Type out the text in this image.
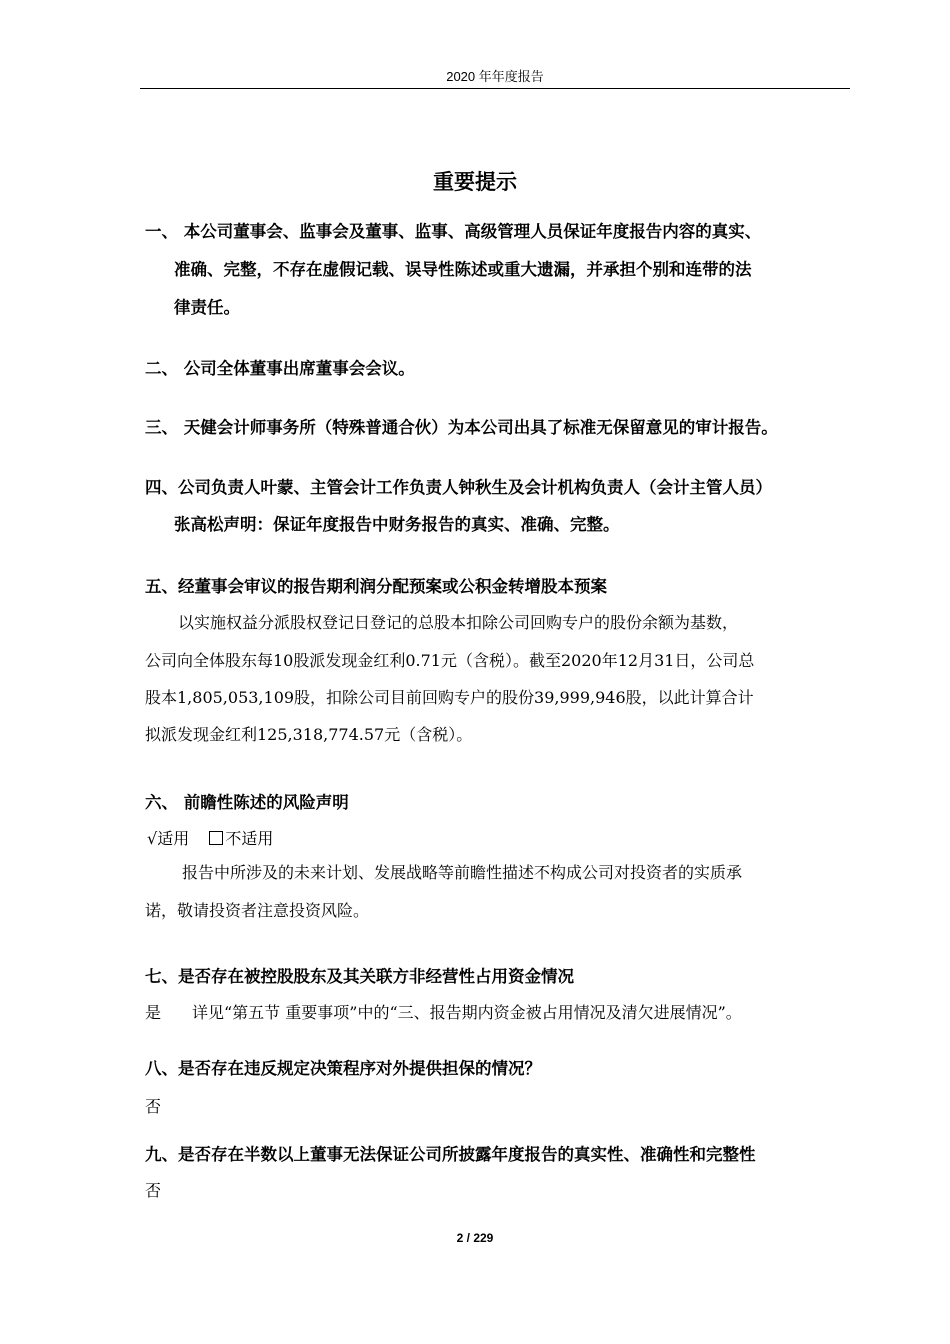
2020 年年度报告
重要提示
一、 本公司董事会、监事会及董事、监事、高级管理人员保证年度报告内容的真实、
准确、完整，不存在虚假记载、误导性陈述或重大遗漏，并承担个别和连带的法
律责任。
二、 公司全体董事出席董事会会议。
三、 天健会计师事务所（特殊普通合伙）为本公司出具了标准无保留意见的审计报告。
四、公司负责人叶蒙、主管会计工作负责人钟秋生及会计机构负责人（会计主管人员）
张高松声明：保证年度报告中财务报告的真实、准确、完整。
五、经董事会审议的报告期利润分配预案或公积金转增股本预案
以实施权益分派股权登记日登记的总股本扣除公司回购专户的股份余额为基数，
公司向全体股东每10股派发现金红利0.71元（含税）。截至2020年12月31日，公司总
股本1,805,053,109股，扣除公司目前回购专户的股份39,999,946股，以此计算合计
拟派发现金红利125,318,774.57元（含税）。
六、 前瞻性陈述的风险声明
√适用 不适用
报告中所涉及的未来计划、发展战略等前瞻性描述不构成公司对投资者的实质承
诺，敬请投资者注意投资风险。
七、是否存在被控股股东及其关联方非经营性占用资金情况
是 详见“第五节 重要事项”中的“三、报告期内资金被占用情况及清欠进展情况”。
八、是否存在违反规定决策程序对外提供担保的情况？
否
九、是否存在半数以上董事无法保证公司所披露年度报告的真实性、准确性和完整性
否
2 / 229
